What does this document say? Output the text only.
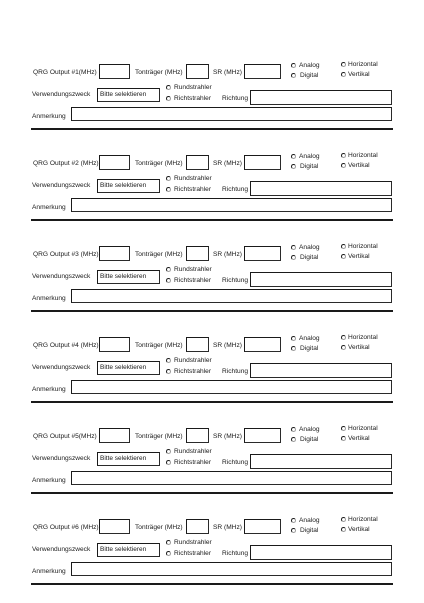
QRG Output #1(MHz)	Tonträger (MHz)	SR (MHz)
Analog
Digital
Horizontal
Vertikal
Verwendungszweck	Bitte selektieren
Rundstrahler
Richtstrahler Richtung
Anmerkung
QRG Output #2 (MHz)	Tonträger (MHz)	SR (MHz)
Analog
Digital
Horizontal
Vertikal
Verwendungszweck	Bitte selektieren
Rundstrahler
Richtstrahler Richtung
Anmerkung
QRG Output #3 (MHz)	Tonträger (MHz)	SR (MHz)
Analog
Digital
Horizontal
Vertikal
Verwendungszweck	Bitte selektieren
Rundstrahler
Richtstrahler Richtung
Anmerkung
QRG Output #4 (MHz)	Tonträger (MHz)	SR (MHz)
Analog
Digital
Horizontal
Vertikal
Verwendungszweck	Bitte selektieren
Rundstrahler
Richtstrahler Richtung
Anmerkung
QRG Output #5(MHz)	Tonträger (MHz)	SR (MHz)
Analog
Digital
Horizontal
Vertikal
Verwendungszweck	Bitte selektieren
Rundstrahler
Richtstrahler Richtung
Anmerkung
QRG Output #6 (MHz)	Tonträger (MHz)	SR (MHz)
Analog
Digital
Horizontal
Vertikal
Verwendungszweck	Bitte selektieren
Rundstrahler
Richtstrahler Richtung
Anmerkung
